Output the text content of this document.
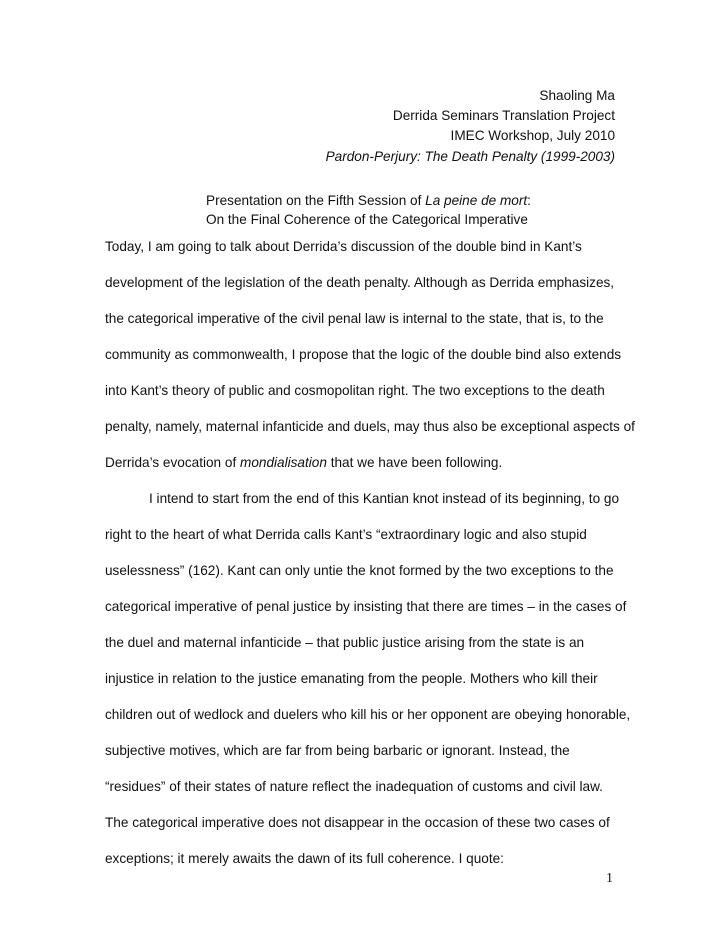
Shaoling Ma
Derrida Seminars Translation Project
IMEC Workshop, July 2010
Pardon-Perjury: The Death Penalty (1999-2003)
Presentation on the Fifth Session of La peine de mort:
On the Final Coherence of the Categorical Imperative
Today, I am going to talk about Derrida’s discussion of the double bind in Kant’s
development of the legislation of the death penalty. Although as Derrida emphasizes,
the categorical imperative of the civil penal law is internal to the state, that is, to the
community as commonwealth, I propose that the logic of the double bind also extends
into Kant’s theory of public and cosmopolitan right. The two exceptions to the death
penalty, namely, maternal infanticide and duels, may thus also be exceptional aspects of
Derrida’s evocation of mondialisation that we have been following.
I intend to start from the end of this Kantian knot instead of its beginning, to go
right to the heart of what Derrida calls Kant’s “extraordinary logic and also stupid
uselessness” (162). Kant can only untie the knot formed by the two exceptions to the
categorical imperative of penal justice by insisting that there are times – in the cases of
the duel and maternal infanticide – that public justice arising from the state is an
injustice in relation to the justice emanating from the people. Mothers who kill their
children out of wedlock and duelers who kill his or her opponent are obeying honorable,
subjective motives, which are far from being barbaric or ignorant. Instead, the
“residues” of their states of nature reflect the inadequation of customs and civil law.
The categorical imperative does not disappear in the occasion of these two cases of
exceptions; it merely awaits the dawn of its full coherence. I quote:
1
